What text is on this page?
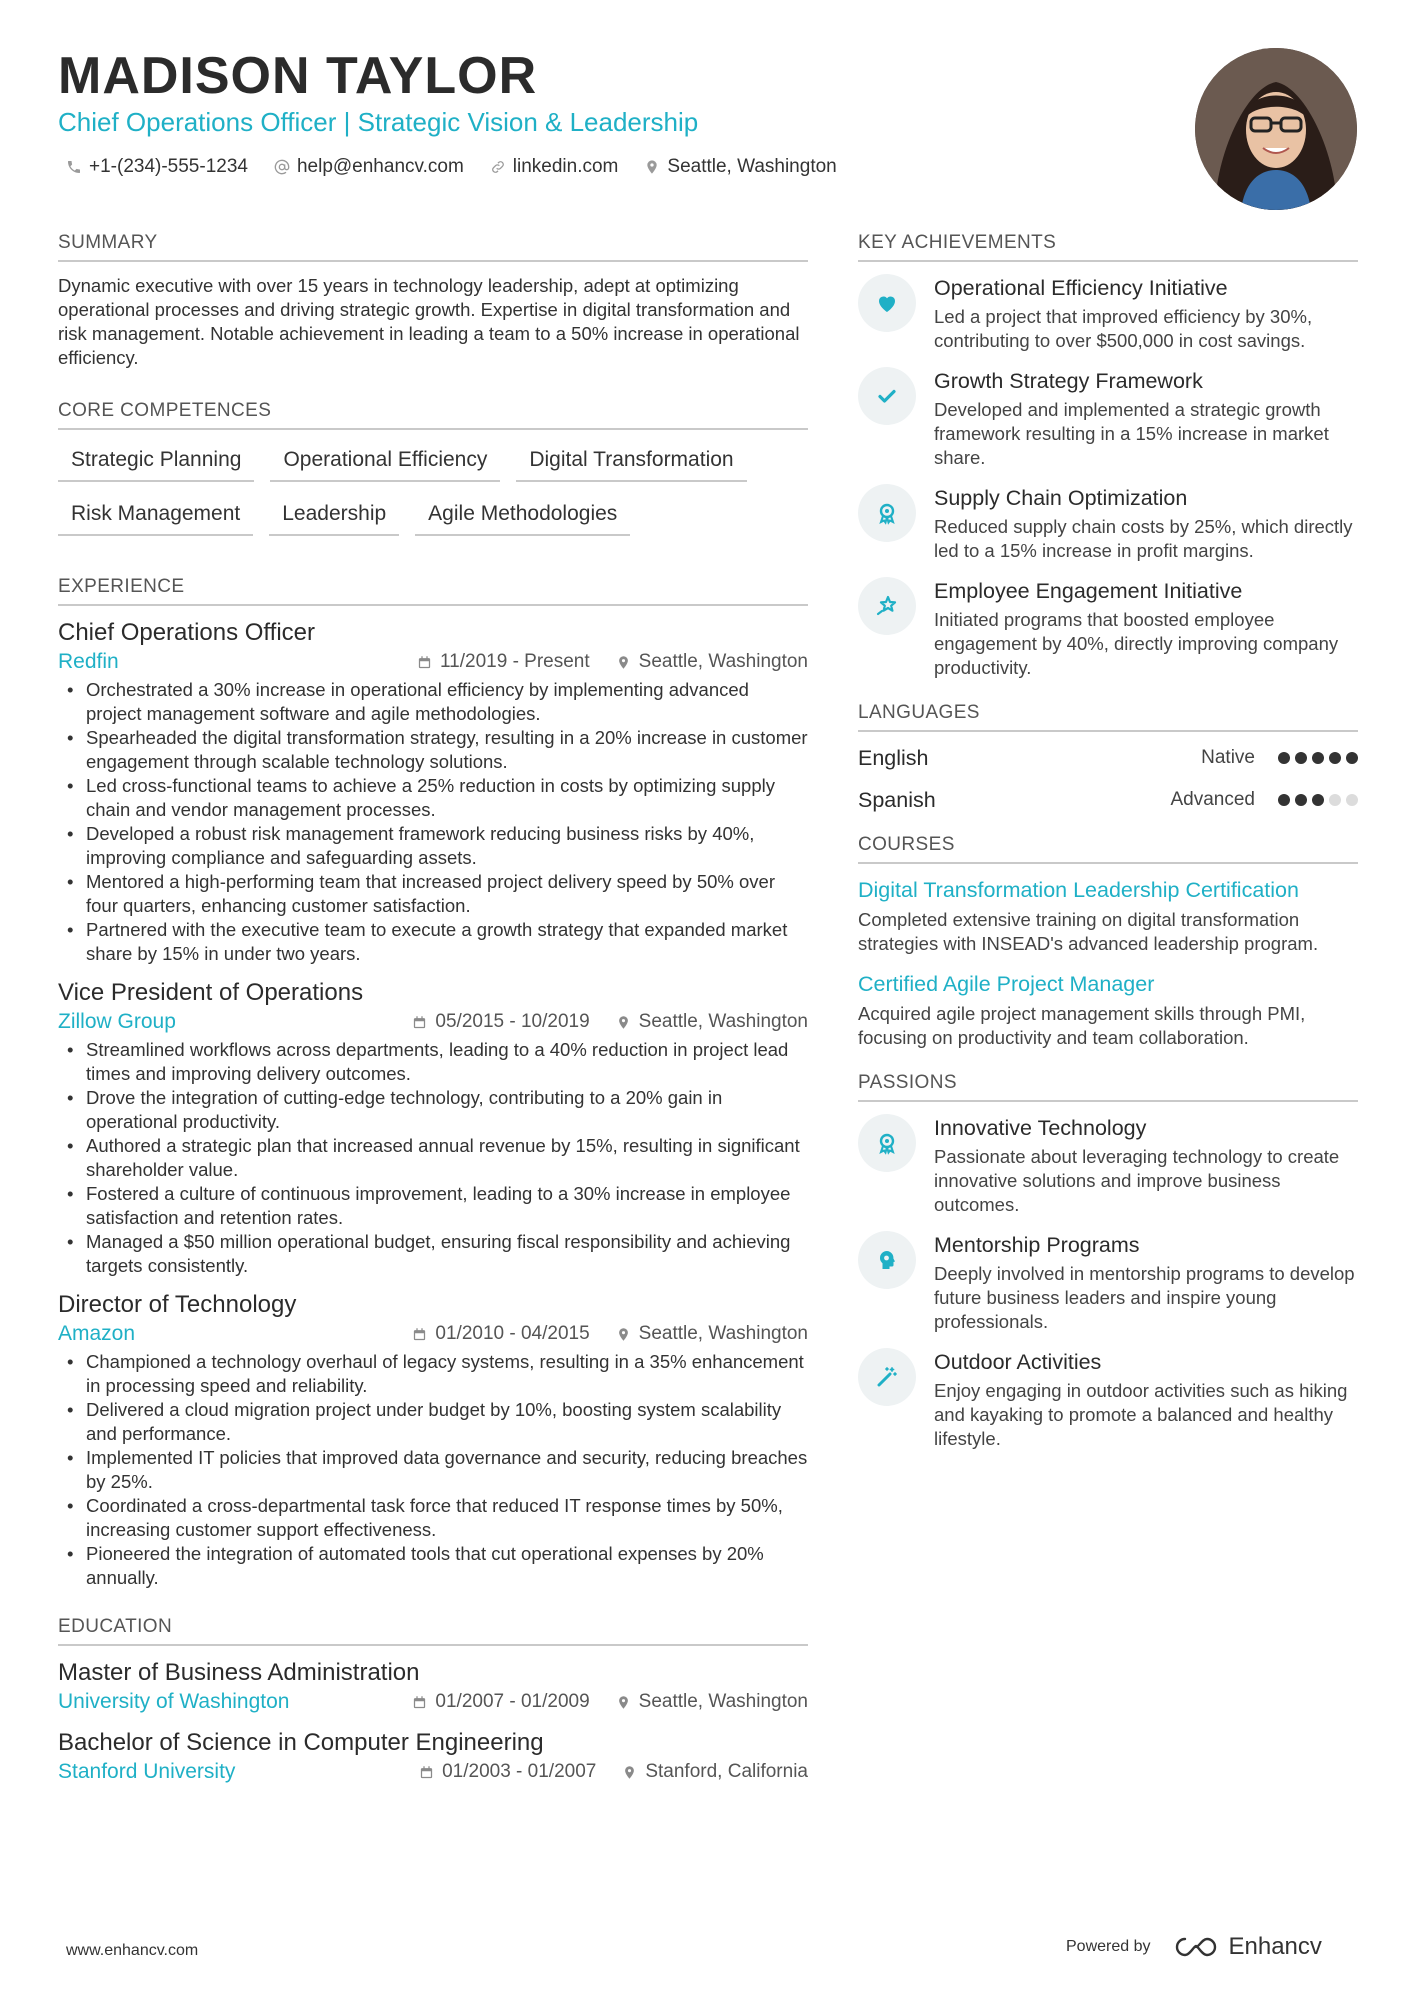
MADISON TAYLOR
Chief Operations Officer | Strategic Vision & Leadership
+1-(234)-555-1234	help@enhancv.com	linkedin.com	Seattle, Washington
SUMMARY
Dynamic executive with over 15 years in technology leadership, adept at optimizing operational processes and driving strategic growth. Expertise in digital transformation and risk management. Notable achievement in leading a team to a 50% increase in operational efficiency.
CORE COMPETENCES
Strategic Planning	Operational Efficiency	Digital Transformation
Risk Management	Leadership	Agile Methodologies
EXPERIENCE
Chief Operations Officer
Redfin	11/2019 - Present	Seattle, Washington
• Orchestrated a 30% increase in operational efficiency by implementing advanced project management software and agile methodologies.
• Spearheaded the digital transformation strategy, resulting in a 20% increase in customer engagement through scalable technology solutions.
• Led cross-functional teams to achieve a 25% reduction in costs by optimizing supply chain and vendor management processes.
• Developed a robust risk management framework reducing business risks by 40%, improving compliance and safeguarding assets.
• Mentored a high-performing team that increased project delivery speed by 50% over four quarters, enhancing customer satisfaction.
• Partnered with the executive team to execute a growth strategy that expanded market share by 15% in under two years.
Vice President of Operations
Zillow Group	05/2015 - 10/2019	Seattle, Washington
• Streamlined workflows across departments, leading to a 40% reduction in project lead times and improving delivery outcomes.
• Drove the integration of cutting-edge technology, contributing to a 20% gain in operational productivity.
• Authored a strategic plan that increased annual revenue by 15%, resulting in significant shareholder value.
• Fostered a culture of continuous improvement, leading to a 30% increase in employee satisfaction and retention rates.
• Managed a $50 million operational budget, ensuring fiscal responsibility and achieving targets consistently.
Director of Technology
Amazon	01/2010 - 04/2015	Seattle, Washington
• Championed a technology overhaul of legacy systems, resulting in a 35% enhancement in processing speed and reliability.
• Delivered a cloud migration project under budget by 10%, boosting system scalability and performance.
• Implemented IT policies that improved data governance and security, reducing breaches by 25%.
• Coordinated a cross-departmental task force that reduced IT response times by 50%, increasing customer support effectiveness.
• Pioneered the integration of automated tools that cut operational expenses by 20% annually.
EDUCATION
Master of Business Administration
University of Washington	01/2007 - 01/2009	Seattle, Washington
Bachelor of Science in Computer Engineering
Stanford University	01/2003 - 01/2007	Stanford, California
KEY ACHIEVEMENTS
Operational Efficiency Initiative
Led a project that improved efficiency by 30%, contributing to over $500,000 in cost savings.
Growth Strategy Framework
Developed and implemented a strategic growth framework resulting in a 15% increase in market share.
Supply Chain Optimization
Reduced supply chain costs by 25%, which directly led to a 15% increase in profit margins.
Employee Engagement Initiative
Initiated programs that boosted employee engagement by 40%, directly improving company productivity.
LANGUAGES
English	Native
Spanish	Advanced
COURSES
Digital Transformation Leadership Certification
Completed extensive training on digital transformation strategies with INSEAD's advanced leadership program.
Certified Agile Project Manager
Acquired agile project management skills through PMI, focusing on productivity and team collaboration.
PASSIONS
Innovative Technology
Passionate about leveraging technology to create innovative solutions and improve business outcomes.
Mentorship Programs
Deeply involved in mentorship programs to develop future business leaders and inspire young professionals.
Outdoor Activities
Enjoy engaging in outdoor activities such as hiking and kayaking to promote a balanced and healthy lifestyle.
www.enhancv.com	Powered by	Enhancv
